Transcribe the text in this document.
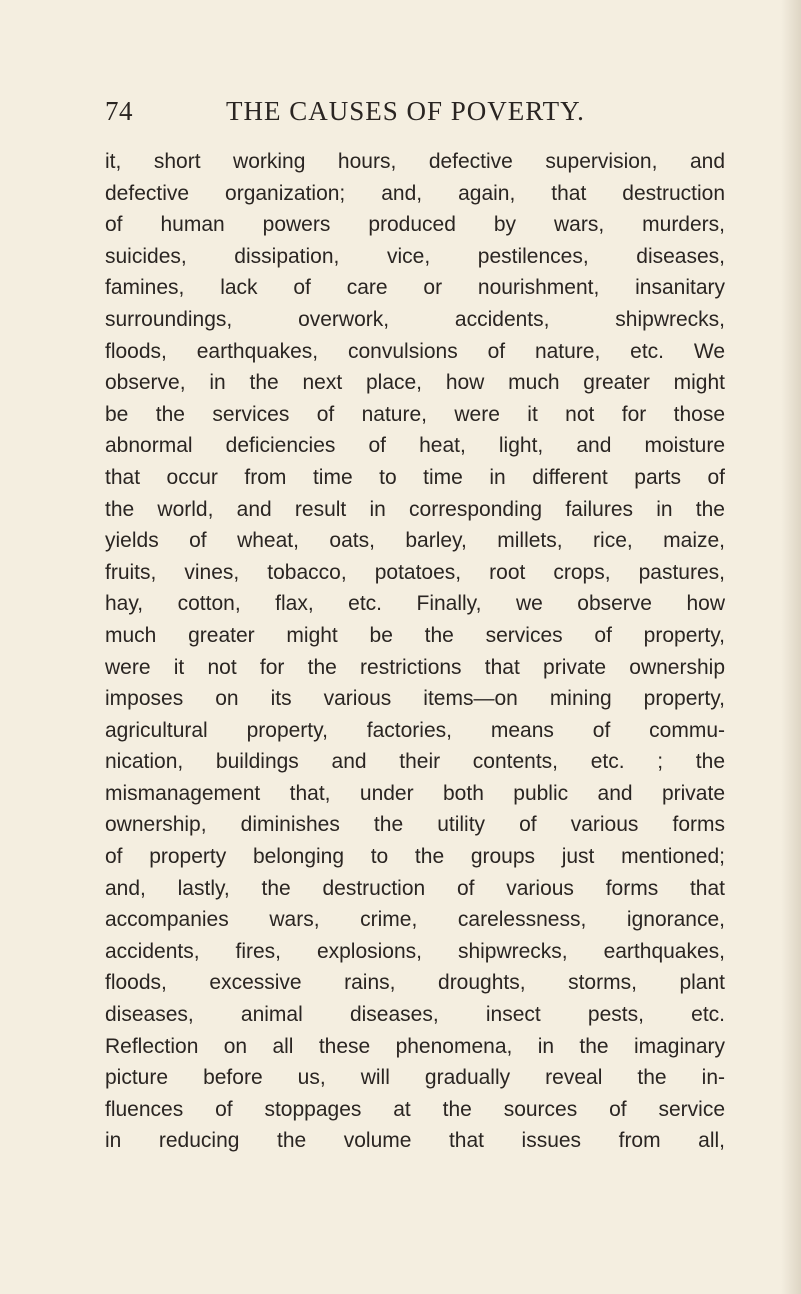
74	THE CAUSES OF POVERTY.
it, short working hours, defective supervision, and
defective organization; and, again, that destruction
of human powers produced by wars, murders,
suicides, dissipation, vice, pestilences, diseases,
famines, lack of care or nourishment, insanitary
surroundings, overwork, accidents, shipwrecks,
floods, earthquakes, convulsions of nature, etc. We
observe, in the next place, how much greater might
be the services of nature, were it not for those
abnormal deficiencies of heat, light, and moisture
that occur from time to time in different parts of
the world, and result in corresponding failures in the
yields of wheat, oats, barley, millets, rice, maize,
fruits, vines, tobacco, potatoes, root crops, pastures,
hay, cotton, flax, etc. Finally, we observe how
much greater might be the services of property,
were it not for the restrictions that private ownership
imposes on its various items—on mining property,
agricultural property, factories, means of commu-
nication, buildings and their contents, etc. ; the
mismanagement that, under both public and private
ownership, diminishes the utility of various forms
of property belonging to the groups just mentioned;
and, lastly, the destruction of various forms that
accompanies wars, crime, carelessness, ignorance,
accidents, fires, explosions, shipwrecks, earthquakes,
floods, excessive rains, droughts, storms, plant
diseases, animal diseases, insect pests, etc.
Reflection on all these phenomena, in the imaginary
picture before us, will gradually reveal the in-
fluences of stoppages at the sources of service
in reducing the volume that issues from all,
